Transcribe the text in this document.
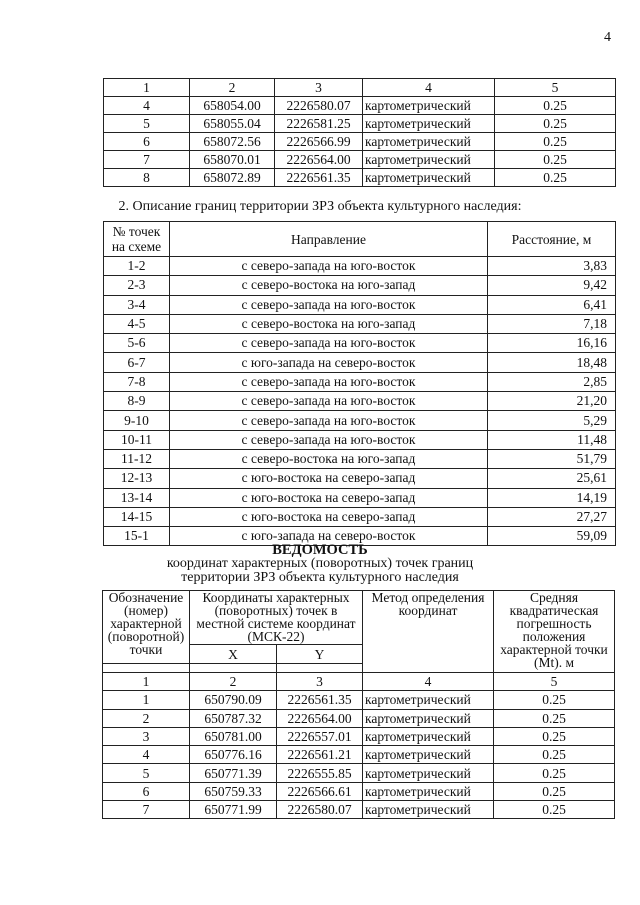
4
1	2	3	4	5
4	658054.00	2226580.07	картометрический	0.25
5	658055.04	2226581.25	картометрический	0.25
6	658072.56	2226566.99	картометрический	0.25
7	658070.01	2226564.00	картометрический	0.25
8	658072.89	2226561.35	картометрический	0.25
2. Описание границ территории ЗРЗ объекта культурного наследия:
№ точек на схеме	Направление	Расстояние, м
1-2	с северо-запада на юго-восток	3,83
2-3	с северо-востока на юго-запад	9,42
3-4	с северо-запада на юго-восток	6,41
4-5	с северо-востока на юго-запад	7,18
5-6	с северо-запада на юго-восток	16,16
6-7	с юго-запада на северо-восток	18,48
7-8	с северо-запада на юго-восток	2,85
8-9	с северо-запада на юго-восток	21,20
9-10	с северо-запада на юго-восток	5,29
10-11	с северо-запада на юго-восток	11,48
11-12	с северо-востока на юго-запад	51,79
12-13	с юго-востока на северо-запад	25,61
13-14	с юго-востока на северо-запад	14,19
14-15	с юго-востока на северо-запад	27,27
15-1	с юго-запада на северо-восток	59,09
ВЕДОМОСТЬ
координат характерных (поворотных) точек границ
территории ЗРЗ объекта культурного наследия
Обозначение (номер) характерной (поворотной) точки	Координаты характерных (поворотных) точек в местной системе координат (МСК-22)		Метод определения координат	Средняя квадратическая погрешность положения характерной точки (Mt). м
	X	Y		

1	2	3	4	5
1	650790.09	2226561.35	картометрический	0.25
2	650787.32	2226564.00	картометрический	0.25
3	650781.00	2226557.01	картометрический	0.25
4	650776.16	2226561.21	картометрический	0.25
5	650771.39	2226555.85	картометрический	0.25
6	650759.33	2226566.61	картометрический	0.25
7	650771.99	2226580.07	картометрический	0.25
